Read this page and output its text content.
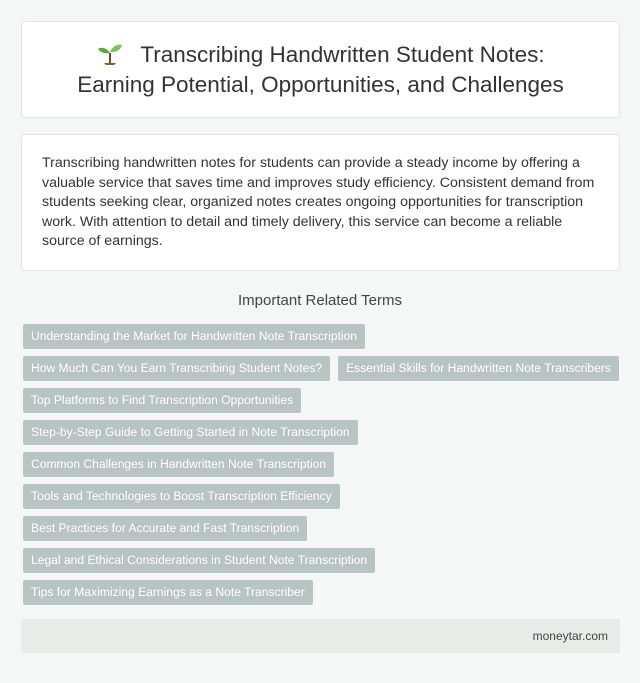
Transcribing Handwritten Student Notes:
Earning Potential, Opportunities, and Challenges

Transcribing handwritten notes for students can provide a steady income by offering a valuable service that saves time and improves study efficiency. Consistent demand from students seeking clear, organized notes creates ongoing opportunities for transcription work. With attention to detail and timely delivery, this service can become a reliable source of earnings.

Important Related Terms
Understanding the Market for Handwritten Note Transcription
How Much Can You Earn Transcribing Student Notes?	Essential Skills for Handwritten Note Transcribers
Top Platforms to Find Transcription Opportunities
Step-by-Step Guide to Getting Started in Note Transcription
Common Challenges in Handwritten Note Transcription
Tools and Technologies to Boost Transcription Efficiency
Best Practices for Accurate and Fast Transcription
Legal and Ethical Considerations in Student Note Transcription
Tips for Maximizing Earnings as a Note Transcriber
moneytar.com
